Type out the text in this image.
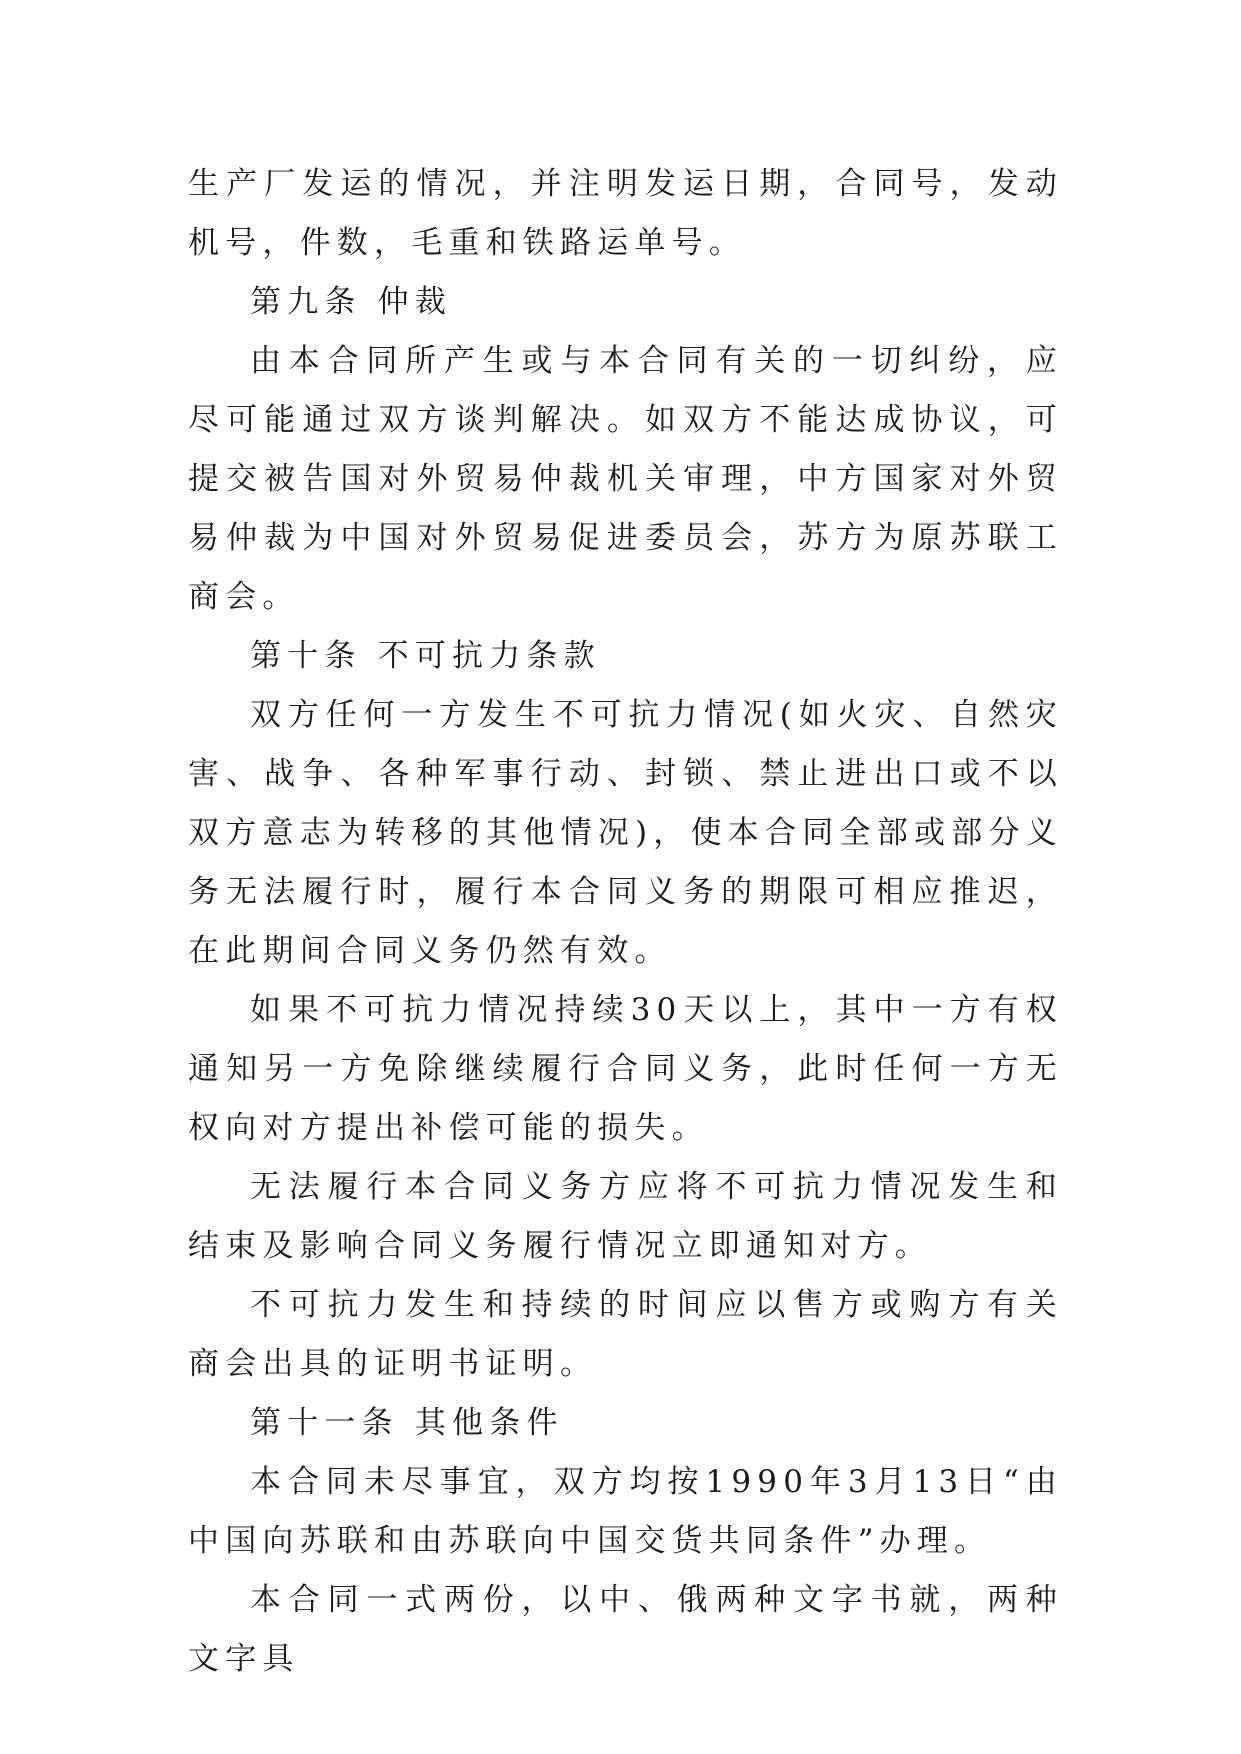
生产厂发运的情况，并注明发运日期，合同号，发动机号，件数，毛重和铁路运单号。

第九条 仲裁

由本合同所产生或与本合同有关的一切纠纷，应尽可能通过双方谈判解决。如双方不能达成协议，可提交被告国对外贸易仲裁机关审理，中方国家对外贸易仲裁为中国对外贸易促进委员会，苏方为原苏联工商会。

第十条 不可抗力条款

双方任何一方发生不可抗力情况(如火灾、自然灾害、战争、各种军事行动、封锁、禁止进出口或不以双方意志为转移的其他情况)，使本合同全部或部分义务无法履行时，履行本合同义务的期限可相应推迟，在此期间合同义务仍然有效。

如果不可抗力情况持续30天以上，其中一方有权通知另一方免除继续履行合同义务，此时任何一方无权向对方提出补偿可能的损失。

无法履行本合同义务方应将不可抗力情况发生和结束及影响合同义务履行情况立即通知对方。

不可抗力发生和持续的时间应以售方或购方有关商会出具的证明书证明。

第十一条 其他条件

本合同未尽事宜，双方均按1990年3月13日“由中国向苏联和由苏联向中国交货共同条件”办理。

本合同一式两份，以中、俄两种文字书就，两种文字具
